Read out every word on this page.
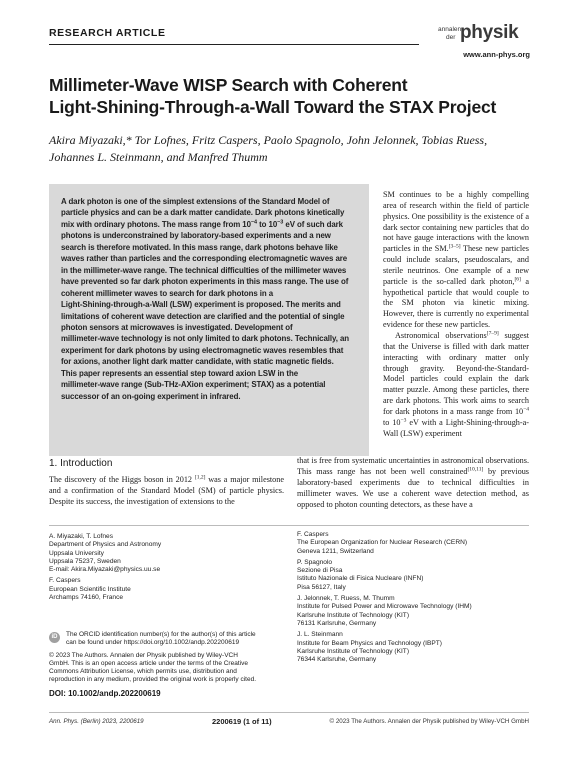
RESEARCH ARTICLE	annalen
der physik
www.ann-phys.org
Millimeter-Wave WISP Search with Coherent
Light-Shining-Through-a-Wall Toward the STAX Project
Akira Miyazaki,* Tor Lofnes, Fritz Caspers, Paolo Spagnolo, John Jelonnek, Tobias Ruess,
Johannes L. Steinmann, and Manfred Thumm

A dark photon is one of the simplest extensions of the Standard Model of
particle physics and can be a dark matter candidate. Dark photons kinetically
mix with ordinary photons. The mass range from $10^{-4}$ to $10^{-3}$ eV of such dark
photons is underconstrained by laboratory-based experiments and a new
search is therefore motivated. In this mass range, dark photons behave like
waves rather than particles and the corresponding electromagnetic waves are
in the millimeter-wave range. The technical difficulties of the millimeter waves
have prevented so far dark photon experiments in this mass range. The use of
coherent millimeter waves to search for dark photons in a
Light-Shining-through-a-Wall (LSW) experiment is proposed. The merits and
limitations of coherent wave detection are clarified and the potential of single
photon sensors at microwaves is investigated. Development of
millimeter-wave technology is not only limited to dark photons. Technically, an
experiment for dark photons by using electromagnetic waves resembles that
for axions, another light dark matter candidate, with static magnetic fields.
This paper represents an essential step toward axion LSW in the
millimeter-wave range (Sub-THz-AXion experiment; STAX) as a potential
successor of an on-going experiment in infrared.

SM continues to be a highly compelling area of research within the field of particle physics. One possibility is the existence of a dark sector containing new particles that do not have gauge interactions with the known particles in the SM.[3–5] These new particles could include scalars, pseudoscalars, and sterile neutrinos. One example of a new particle is the so-called dark photon,[6] a hypothetical particle that would couple to the SM photon via kinetic mixing. However, there is currently no experimental evidence for these new particles.

Astronomical observations[7–9] suggest that the Universe is filled with dark matter interacting with ordinary matter only through gravity. Beyond-the-Standard-Model particles could explain the dark matter puzzle. Among these particles, there are dark photons. This work aims to search for dark photons in a mass range from $10^{-4}$ to $10^{-3}$ eV with a Light-Shining-through-a-Wall (LSW) experiment

1. Introduction

The discovery of the Higgs boson in 2012 [1,2] was a major milestone and a confirmation of the Standard Model (SM) of particle physics. Despite its success, the investigation of extensions to the

that is free from systematic uncertainties in astronomical observations. This mass range has not been well constrained[10,11] by previous laboratory-based experiments due to technical difficulties in millimeter waves. We use a coherent wave detection method, as opposed to photon counting detectors, as these have a

A. Miyazaki, T. Lofnes
Department of Physics and Astronomy
Uppsala University
Uppsala 75237, Sweden
E-mail: Akira.Miyazaki@physics.uu.se
F. Caspers
European Scientific Institute
Archamps 74160, France
F. Caspers
The European Organization for Nuclear Research (CERN)
Geneva 1211, Switzerland
P. Spagnolo
Sezione di Pisa
Istituto Nazionale di Fisica Nucleare (INFN)
Pisa 56127, Italy
J. Jelonnek, T. Ruess, M. Thumm
Institute for Pulsed Power and Microwave Technology (IHM)
Karlsruhe Institute of Technology (KIT)
76131 Karlsruhe, Germany
J. L. Steinmann
Institute for Beam Physics and Technology (IBPT)
Karlsruhe Institute of Technology (KIT)
76344 Karlsruhe, Germany
iD	The ORCID identification number(s) for the author(s) of this article
can be found under https://doi.org/10.1002/andp.202200619
© 2023 The Authors. Annalen der Physik published by Wiley-VCH
GmbH. This is an open access article under the terms of the Creative
Commons Attribution License, which permits use, distribution and
reproduction in any medium, provided the original work is properly cited.
DOI: 10.1002/andp.202200619
Ann. Phys. (Berlin) 2023, 2200619	2200619 (1 of 11)	© 2023 The Authors. Annalen der Physik published by Wiley-VCH GmbH
